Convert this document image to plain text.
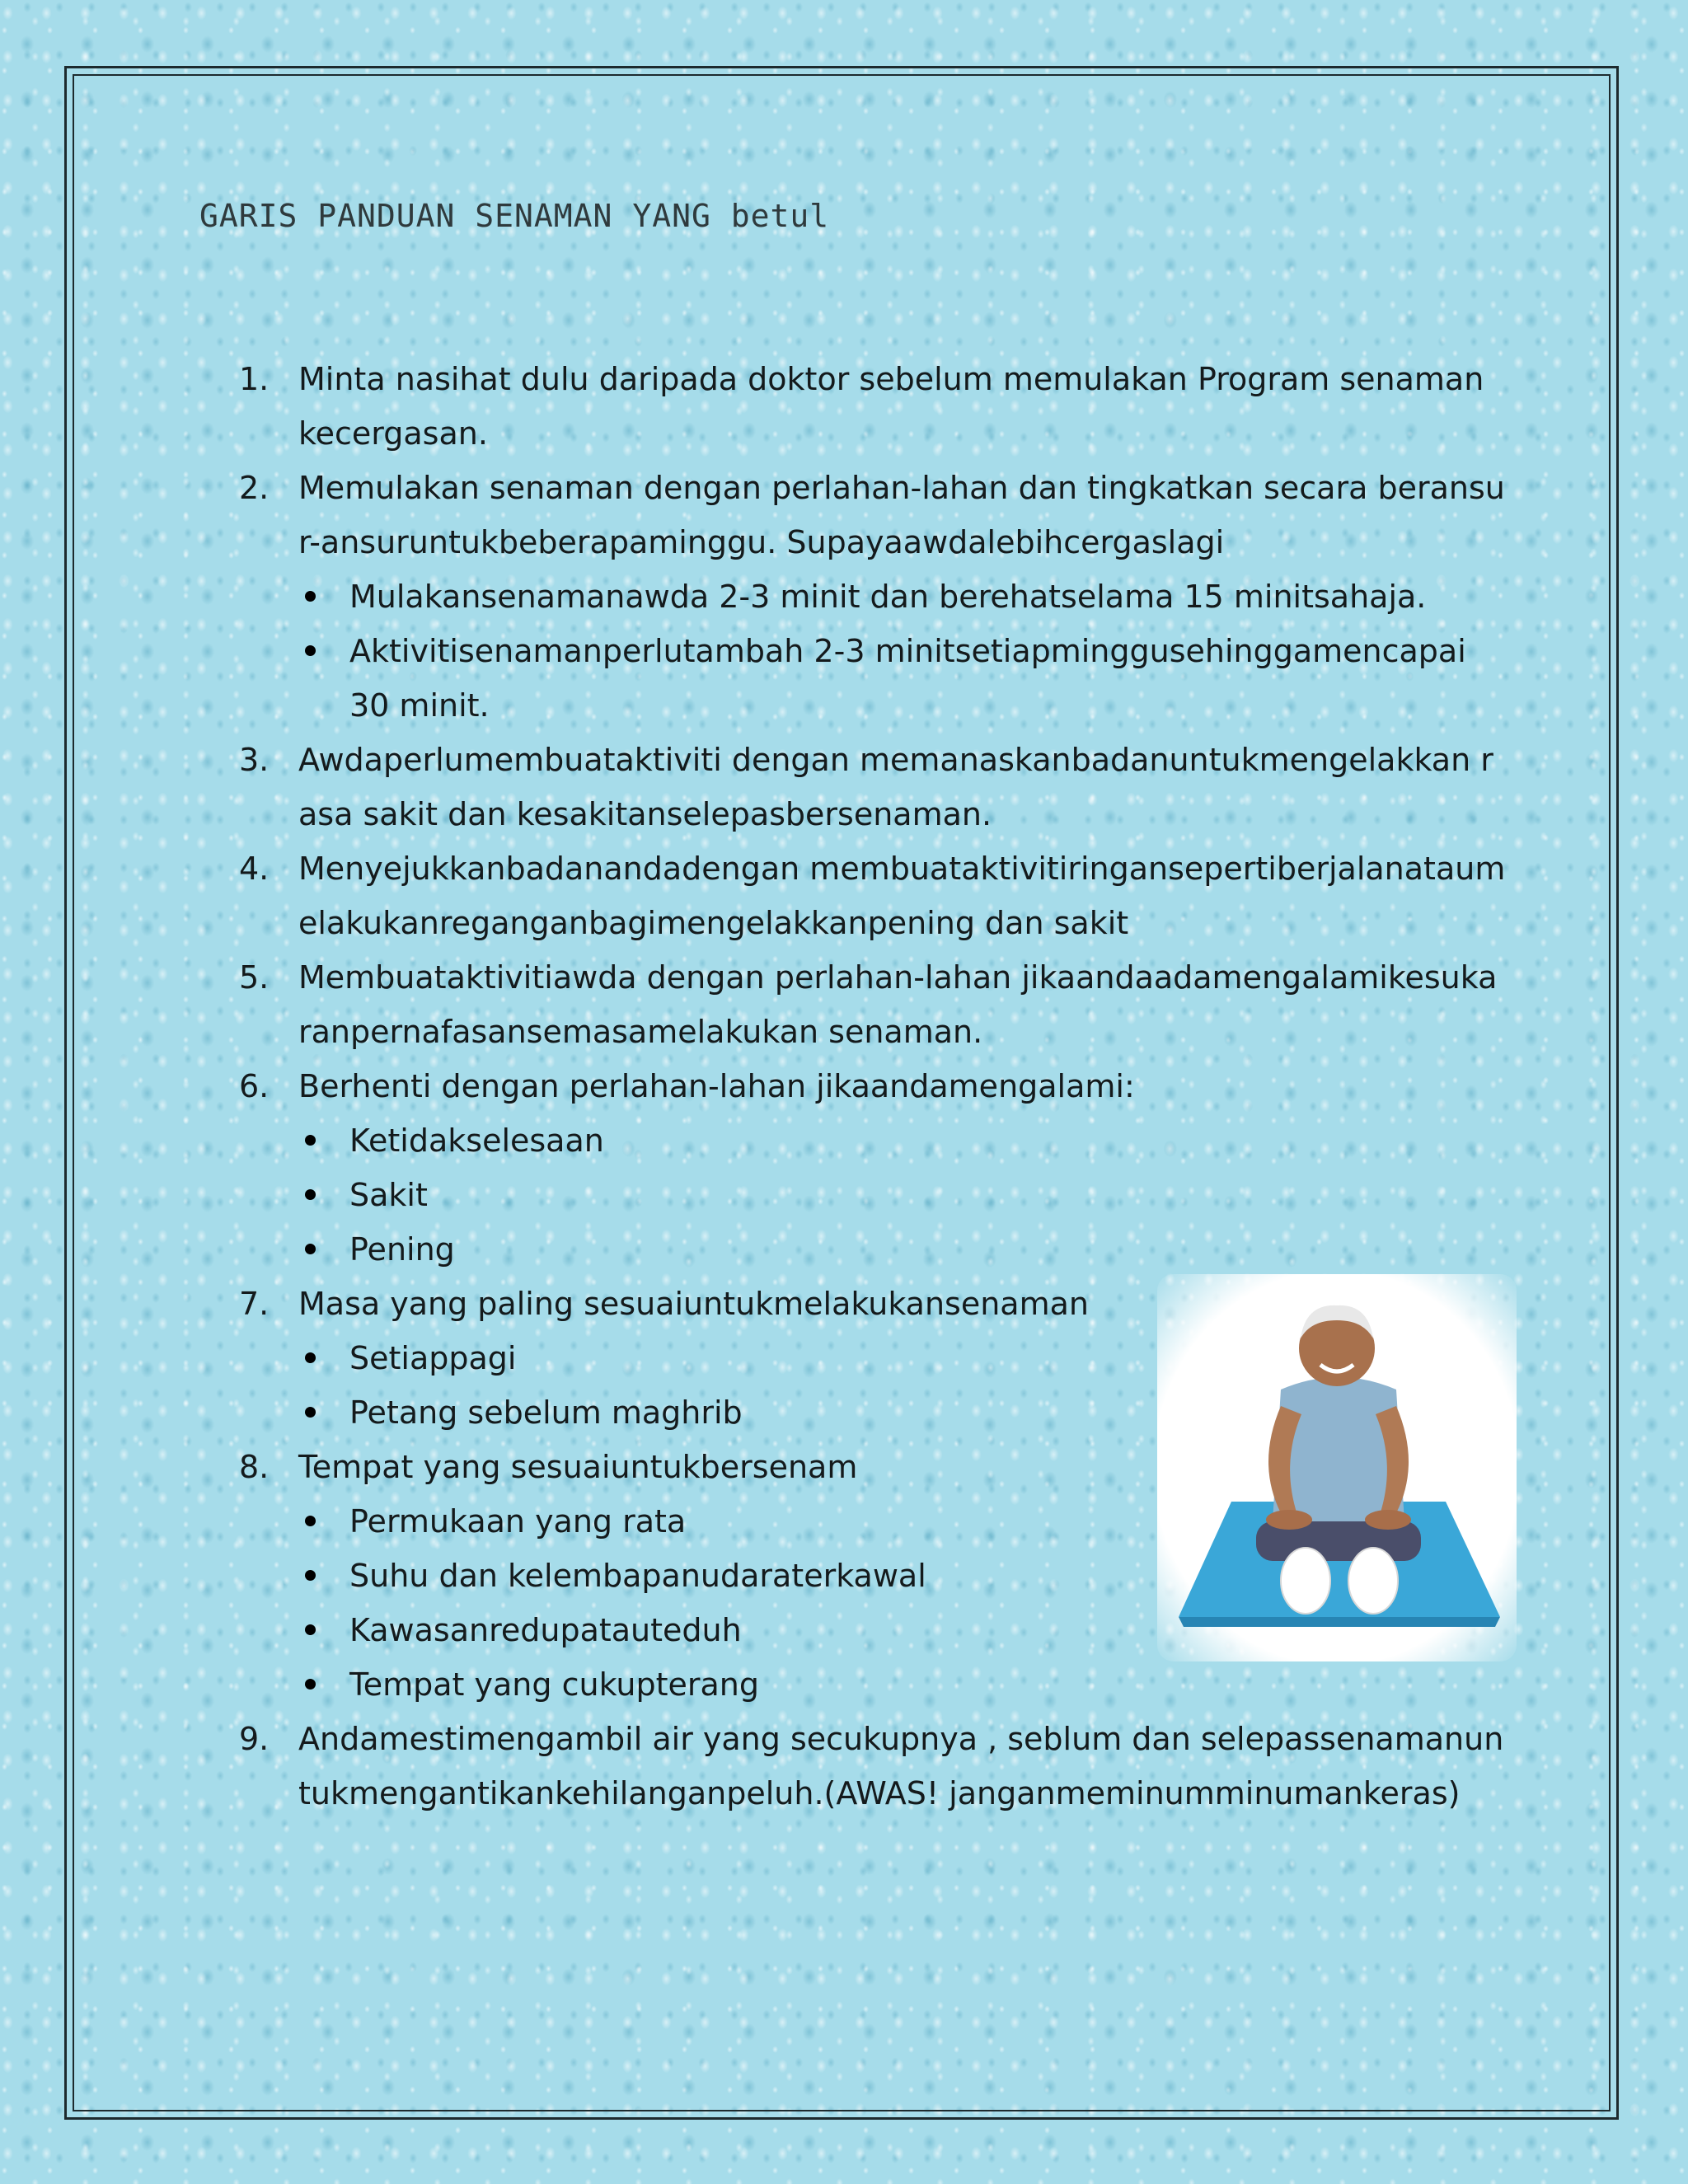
GARIS PANDUAN SENAMAN YANG betul
1. Minta nasihat dulu daripada doktor sebelum memulakan Program senaman kecergasan.
2. Memulakan senaman dengan perlahan-lahan dan tingkatkan secara beransur-ansuruntukbeberapaminggu. Supayaawdalebihcergaslagi
Mulakansenamanawda 2-3 minit dan berehatselama 15 minitsahaja.
Aktivitisenamanperlutambah 2-3 minitsetiapminggusehinggamencapai 30 minit.
3. Awdaperlumembuataktiviti dengan memanaskanbadanuntukmengelakkan rasa sakit dan kesakitanselepasbersenaman.
4. Menyejukkanbadanandadengan membuataktivitiringansepertiberjalanataumelakukanreganganbagimengelakkanpening dan sakit
5. Membuataktivitiawda dengan perlahan-lahan jikaandaadamengalamikesukaranpernafasansemasamelakukan senaman.
6. Berhenti dengan perlahan-lahan jikaandamengalami:
Ketidakselesaan
Sakit
Pening
7. Masa yang paling sesuaiuntukmelakukansenaman
Setiappagi
Petang sebelum maghrib
8. Tempat yang sesuaiuntukbersenam
Permukaan yang rata
Suhu dan kelembapanudaraterkawal
Kawasanredupatauteduh
Tempat yang cukupterang
9. Andamestimengambil air yang secukupnya , seblum dan selepassenamanuntukmengantikankehilanganpeluh.(AWAS! janganmeminumminumankeras)
